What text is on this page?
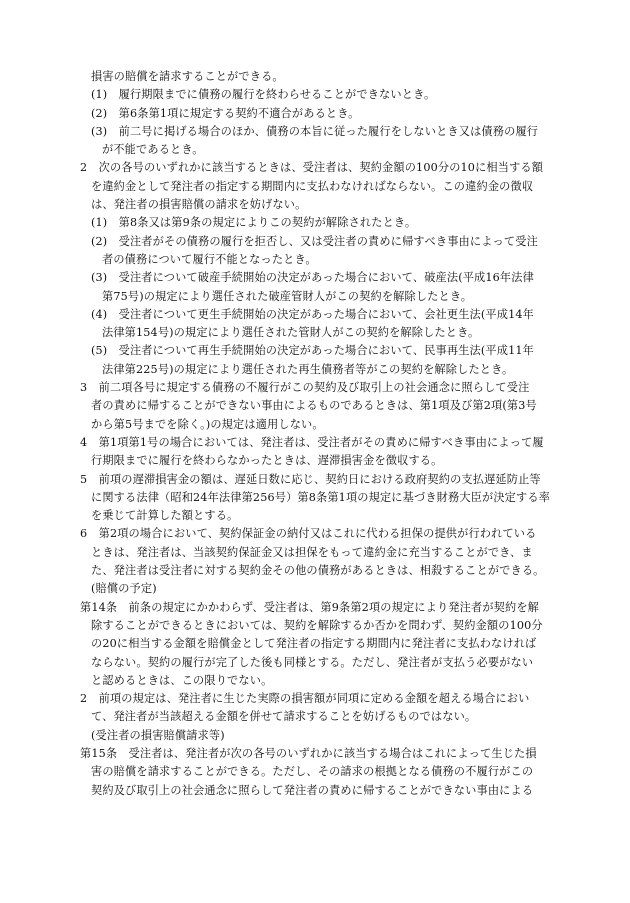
損害の賠償を請求することができる。
(1)　履行期限までに債務の履行を終わらせることができないとき。
(2)　第6条第1項に規定する契約不適合があるとき。
(3)　前二号に掲げる場合のほか、債務の本旨に従った履行をしないとき又は債務の履行
が不能であるとき。
2　次の各号のいずれかに該当するときは、受注者は、契約金額の100分の10に相当する額
を違約金として発注者の指定する期間内に支払わなければならない。この違約金の徴収
は、発注者の損害賠償の請求を妨げない。
(1)　第8条又は第9条の規定によりこの契約が解除されたとき。
(2)　受注者がその債務の履行を拒否し、又は受注者の責めに帰すべき事由によって受注
者の債務について履行不能となったとき。
(3)　受注者について破産手続開始の決定があった場合において、破産法(平成16年法律
第75号)の規定により選任された破産管財人がこの契約を解除したとき。
(4)　受注者について更生手続開始の決定があった場合において、会社更生法(平成14年
法律第154号)の規定により選任された管財人がこの契約を解除したとき。
(5)　受注者について再生手続開始の決定があった場合において、民事再生法(平成11年
法律第225号)の規定により選任された再生債務者等がこの契約を解除したとき。
3　前二項各号に規定する債務の不履行がこの契約及び取引上の社会通念に照らして受注
者の責めに帰することができない事由によるものであるときは、第1項及び第2項(第3号
から第5号までを除く。)の規定は適用しない。
4　第1項第1号の場合においては、発注者は、受注者がその責めに帰すべき事由によって履
行期限までに履行を終わらなかったときは、遅滞損害金を徴収する。
5　前項の遅滞損害金の額は、遅延日数に応じ、契約日における政府契約の支払遅延防止等
に関する法律（昭和24年法律第256号）第8条第1項の規定に基づき財務大臣が決定する率
を乗じて計算した額とする。
6　第2項の場合において、契約保証金の納付又はこれに代わる担保の提供が行われている
ときは、発注者は、当該契約保証金又は担保をもって違約金に充当することができ、ま
た、発注者は受注者に対する契約金その他の債務があるときは、相殺することができる。
(賠償の予定)
第14条　前条の規定にかかわらず、受注者は、第9条第2項の規定により発注者が契約を解
除することができるときにおいては、契約を解除するか否かを問わず、契約金額の100分
の20に相当する金額を賠償金として発注者の指定する期間内に発注者に支払わなければ
ならない。契約の履行が完了した後も同様とする。ただし、発注者が支払う必要がない
と認めるときは、この限りでない。
2　前項の規定は、発注者に生じた実際の損害額が同項に定める金額を超える場合におい
て、発注者が当該超える金額を併せて請求することを妨げるものではない。
(受注者の損害賠償請求等)
第15条　受注者は、発注者が次の各号のいずれかに該当する場合はこれによって生じた損
害の賠償を請求することができる。ただし、その請求の根拠となる債務の不履行がこの
契約及び取引上の社会通念に照らして発注者の責めに帰することができない事由による
